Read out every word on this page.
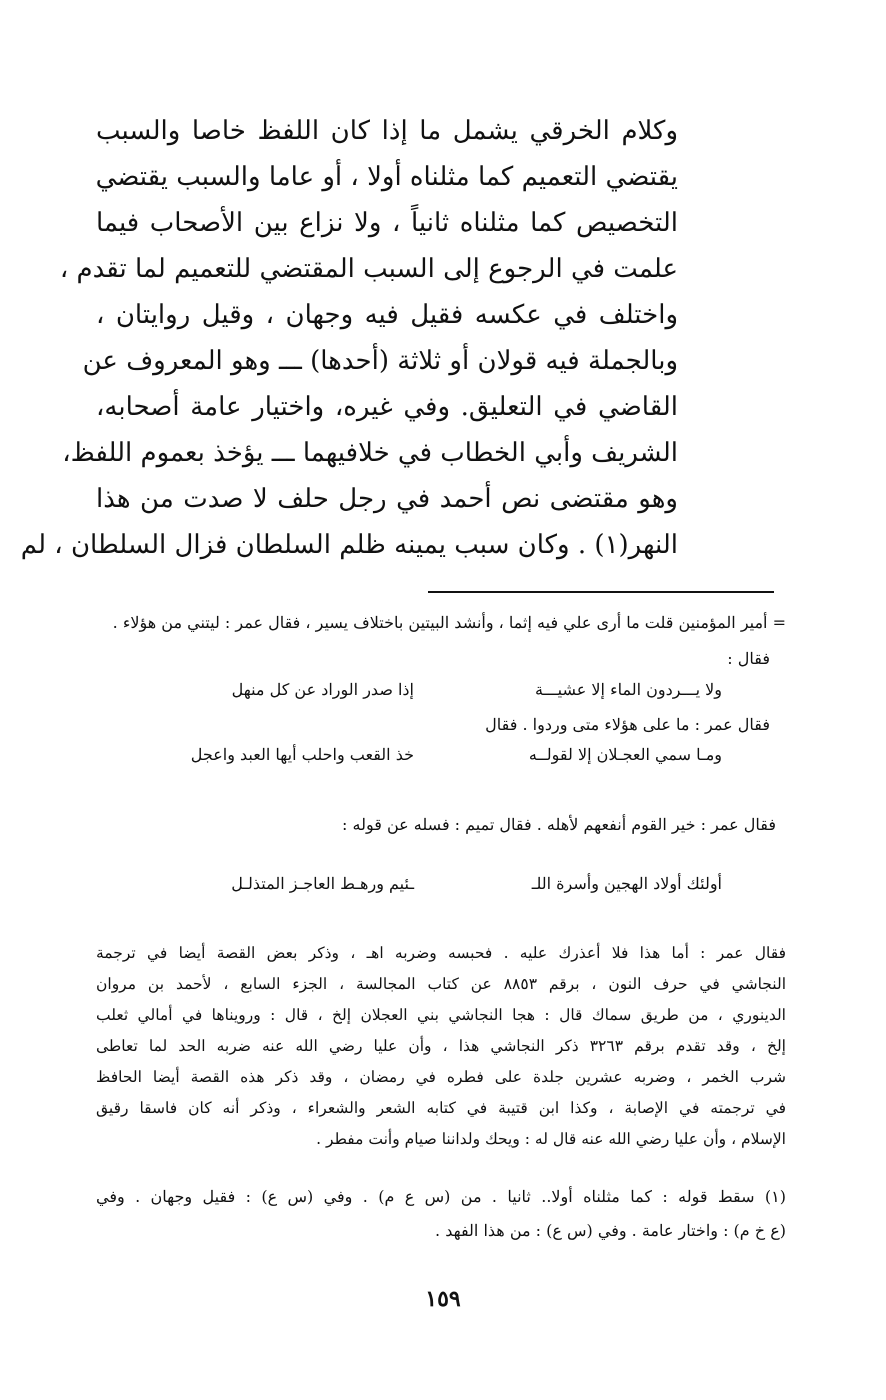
وكلام الخرقي يشمل ما إذا كان اللفظ خاصا والسبب
يقتضي التعميم كما مثلناه أولا ، أو عاما والسبب يقتضي
التخصيص كما مثلناه ثانياً ، ولا نزاع بين الأصحاب فيما
علمت في الرجوع إلى السبب المقتضي للتعميم لما تقدم ،
واختلف في عكسه فقيل فيه وجهان ، وقيل روايتان ،
وبالجملة فيه قولان أو ثلاثة (أحدها) ـــ وهو المعروف عن
القاضي في التعليق. وفي غيره، واختيار عامة أصحابه،
الشريف وأبي الخطاب في خلافيهما ـــ يؤخذ بعموم اللفظ،
وهو مقتضى نص أحمد في رجل حلف لا صدت من هذا
النهر(١) . وكان سبب يمينه ظلم السلطان فزال السلطان ، لم
= أمير المؤمنين قلت ما أرى علي فيه إثما ، وأنشد البيتين باختلاف يسير ، فقال عمر : ليتني من هؤلاء .
فقال :
ولا يـــردون الماء إلا عشيـــة
إذا صدر الوراد عن كل منهل
فقال عمر : ما على هؤلاء متى وردوا . فقال
ومـا سمي العجـلان إلا لقولــه
خذ القعب واحلب أيها العبد واعجل
فقال عمر : خير القوم أنفعهم لأهله . فقال تميم : فسله عن قوله :
أولئك أولاد الهجين وأسرة اللـ
ـئيم ورهـط العاجـز المتذلـل
فقال عمر : أما هذا فلا أعذرك عليه . فحبسه وضربه اهـ ، وذكر بعض القصة أيضا في ترجمة
النجاشي في حرف النون ، برقم ٨٨٥٣ عن كتاب المجالسة ، الجزء السابع ، لأحمد بن مروان
الدينوري ، من طريق سماك قال : هجا النجاشي بني العجلان إلخ ، قال : ورويناها في أمالي ثعلب
إلخ ، وقد تقدم برقم ٣٢٦٣ ذكر النجاشي هذا ، وأن عليا رضي الله عنه ضربه الحد لما تعاطى
شرب الخمر ، وضربه عشرين جلدة على فطره في رمضان ، وقد ذكر هذه القصة أيضا الحافظ
في ترجمته في الإصابة ، وكذا ابن قتيبة في كتابه الشعر والشعراء ، وذكر أنه كان فاسقا رقيق
الإسلام ، وأن عليا رضي الله عنه قال له : ويحك ولداننا صيام وأنت مفطر .
(١) سقط قوله : كما مثلناه أولا.. ثانيا . من (س ع م) . وفي (س ع) : فقيل وجهان . وفي
(ع خ م) : واختار عامة . وفي (س ع) : من هذا الفهد .
١٥٩
